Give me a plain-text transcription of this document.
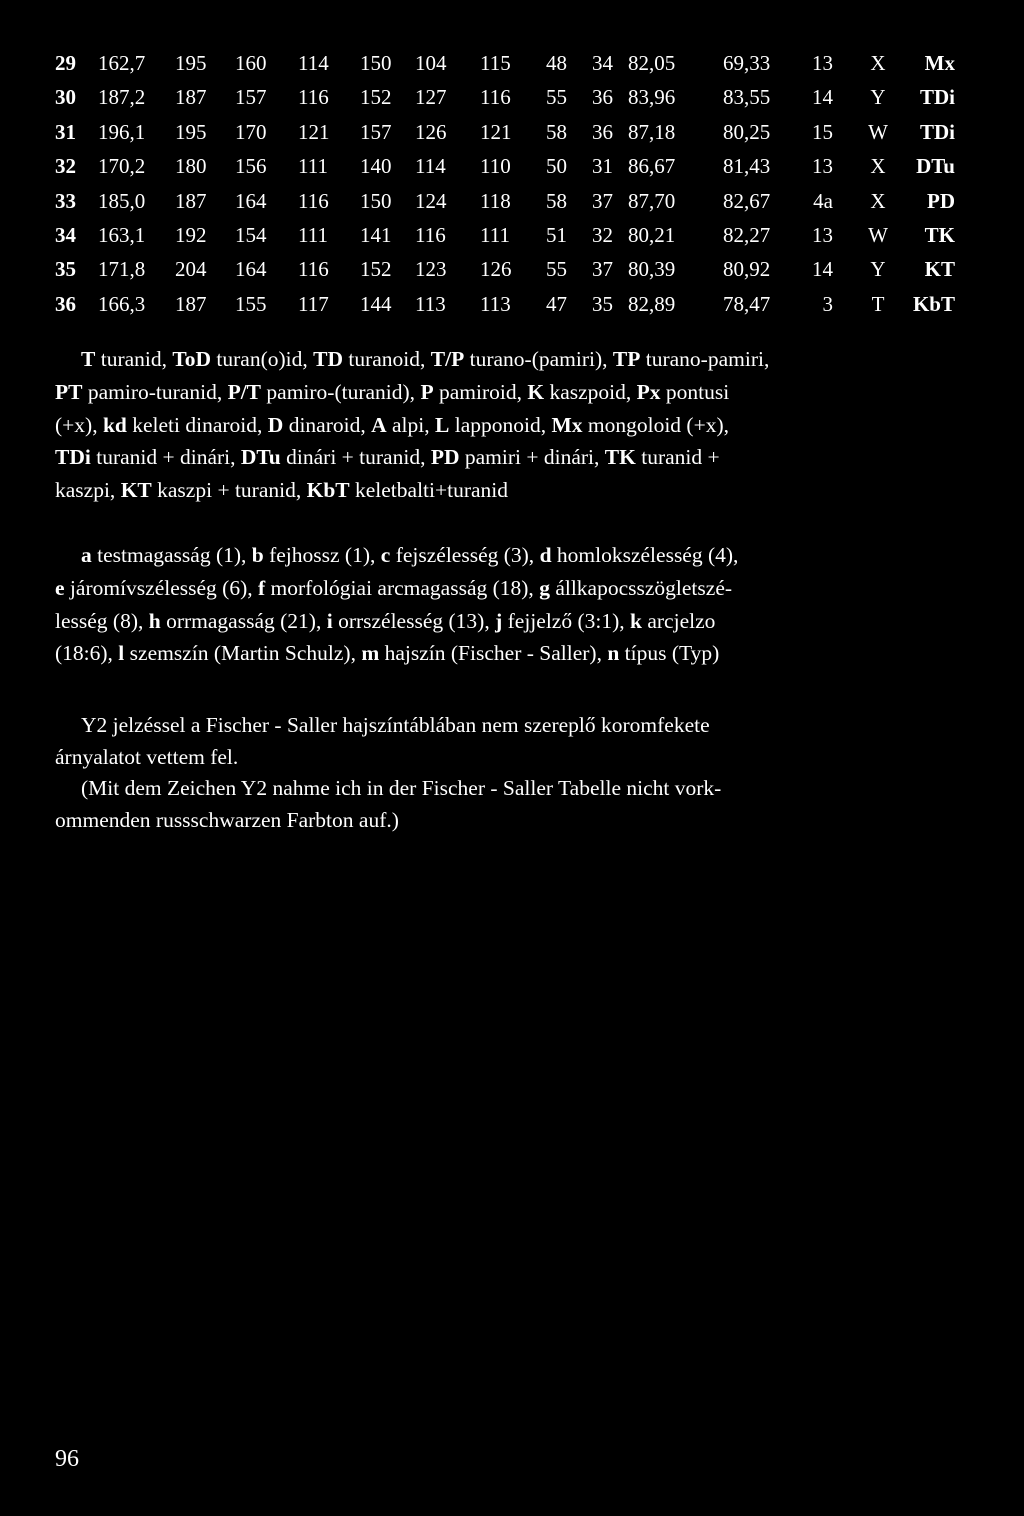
29	162,7 195 160 114 150 104 115 48 34 82,05 69,33	13	X	Mx
30	187,2 187 157 116 152 127 116 55 36 83,96 83,55	14	Y	TDi
31	196,1 195 170 121 157 126 121 58 36 87,18 80,25	15 W	TDi
32	170,2 180 156 111 140 114 110 50 31 86,67 81,43	13	X	DTu
33	185,0 187 164 116 150 124 118 58 37 87,70 82,67	4a	X	PD
34	163,1 192 154 111 141 116 111 51 32 80,21 82,27	13 W	TK
35	171,8 204 164 116 152 123 126 55 37 80,39 80,92	14	Y	KT
36	166,3 187 155 117 144 113 113 47 35 82,89 78,47	3	T	KbT

T turanid, ToD turan(o)id, TD turanoid, T/P turano-(pamiri), TP turano-pamiri,

PT pamiro-turanid, P/T pamiro-(turanid), P pamiroid, K kaszpoid, Px pontusi

(+x), kd keleti dinaroid, D dinaroid, A alpi, L lapponoid, Mx mongoloid (+x),

TDi turanid + dinári, DTu dinári + turanid, PD pamiri + dinári, TK turanid +

kaszpi, KT kaszpi + turanid, KbT keletbalti+turanid

a testmagasság (1), b fejhossz (1), c fejszélesség (3), d homlokszélesség (4),

e járomívszélesség (6), f morfológiai arcmagasság (18), g állkapocsszögletszé-

lesség (8), h orrmagasság (21), i orrszélesség (13), j fejjelző (3:1), k arcjelzo

(18:6), l szemszín (Martin Schulz), m hajszín (Fischer - Saller), n típus (Typ)

Y2 jelzéssel a Fischer - Saller hajszíntáblában nem szereplő koromfekete

árnyalatot vettem fel.

(Mit dem Zeichen Y2 nahme ich in der Fischer - Saller Tabelle nicht vork-

ommenden russschwarzen Farbton auf.)

96
